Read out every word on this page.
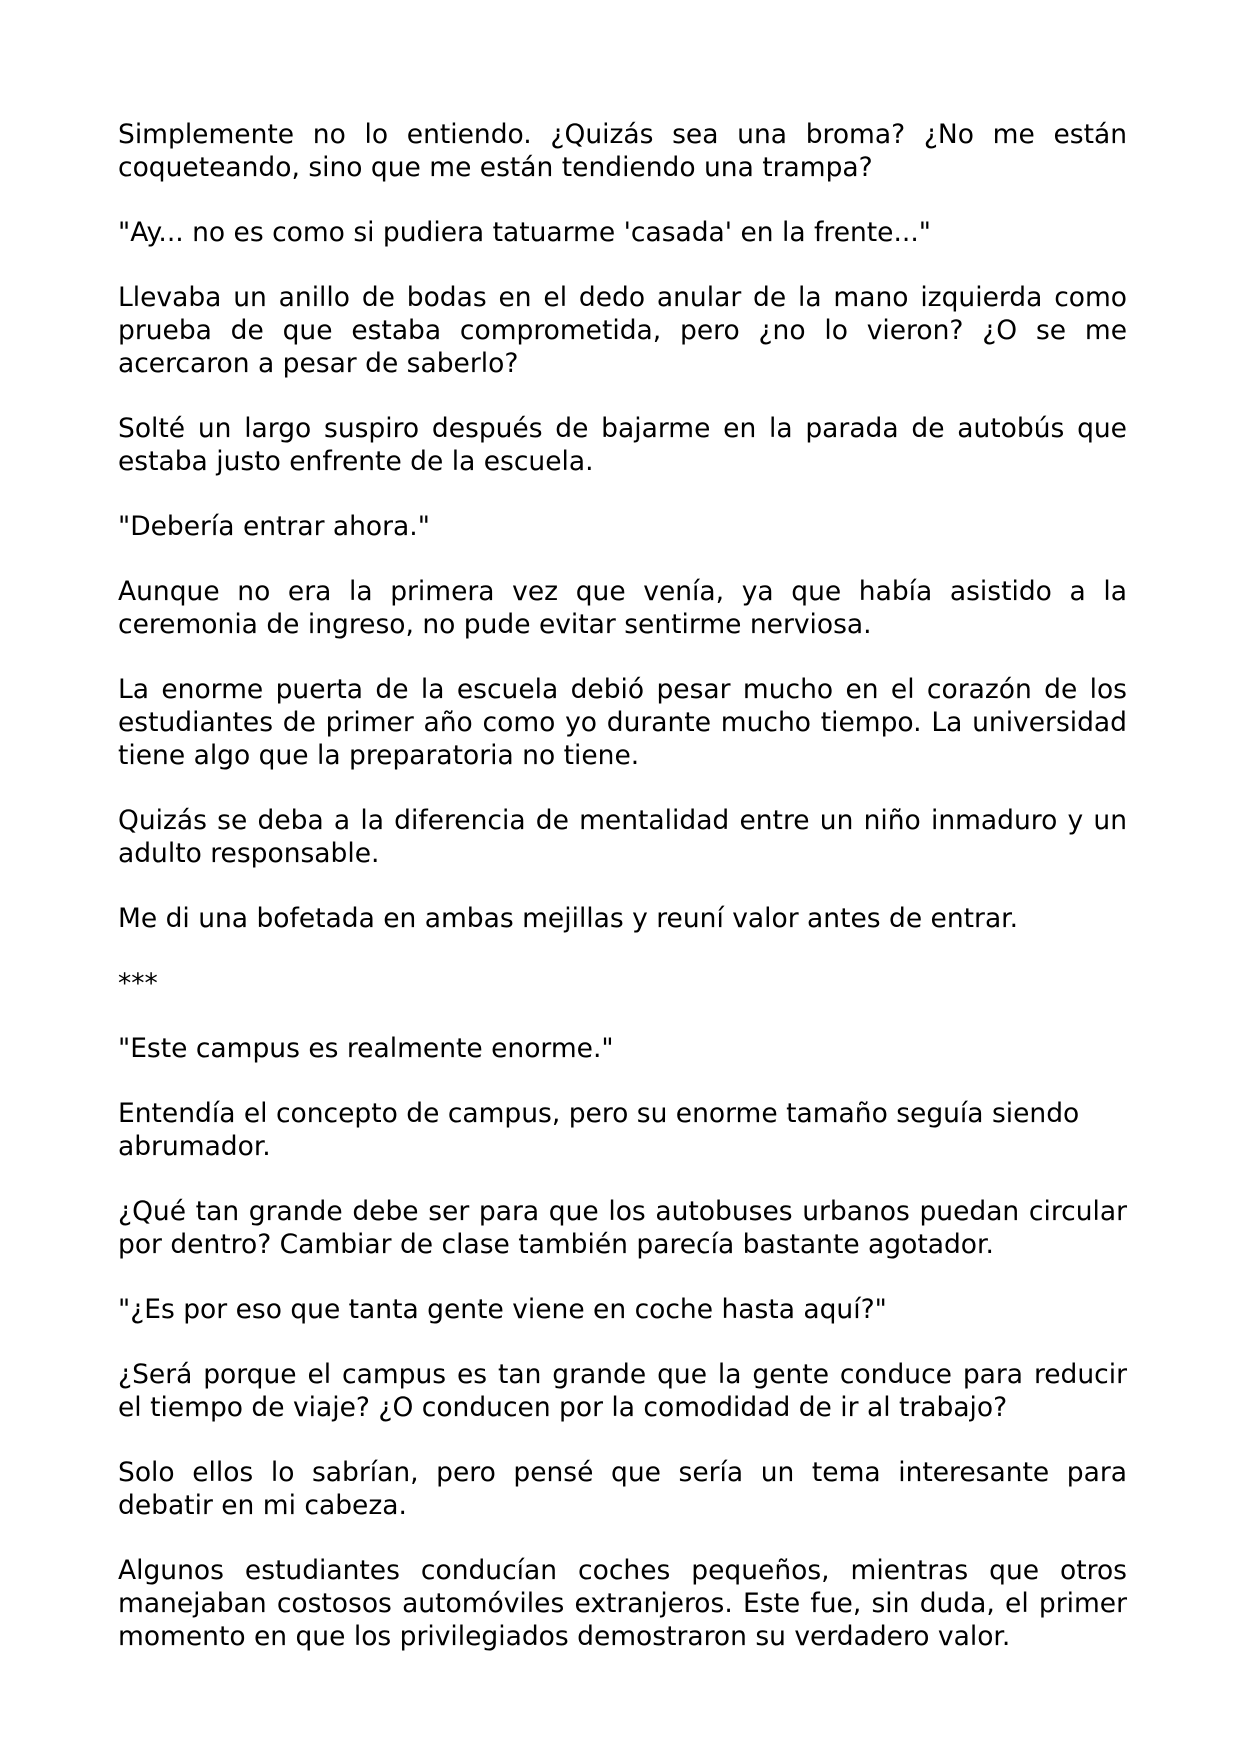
Simplemente no lo entiendo. ¿Quizás sea una broma? ¿No me están coqueteando, sino que me están tendiendo una trampa?

"Ay... no es como si pudiera tatuarme 'casada' en la frente..."

Llevaba un anillo de bodas en el dedo anular de la mano izquierda como prueba de que estaba comprometida, pero ¿no lo vieron? ¿O se me acercaron a pesar de saberlo?

Solté un largo suspiro después de bajarme en la parada de autobús que estaba justo enfrente de la escuela.

"Debería entrar ahora."

Aunque no era la primera vez que venía, ya que había asistido a la ceremonia de ingreso, no pude evitar sentirme nerviosa.

La enorme puerta de la escuela debió pesar mucho en el corazón de los estudiantes de primer año como yo durante mucho tiempo. La universidad tiene algo que la preparatoria no tiene.

Quizás se deba a la diferencia de mentalidad entre un niño inmaduro y un adulto responsable.

Me di una bofetada en ambas mejillas y reuní valor antes de entrar.

***

"Este campus es realmente enorme."

Entendía el concepto de campus, pero su enorme tamaño seguía siendo abrumador.

¿Qué tan grande debe ser para que los autobuses urbanos puedan circular por dentro? Cambiar de clase también parecía bastante agotador.

"¿Es por eso que tanta gente viene en coche hasta aquí?"

¿Será porque el campus es tan grande que la gente conduce para reducir el tiempo de viaje? ¿O conducen por la comodidad de ir al trabajo?

Solo ellos lo sabrían, pero pensé que sería un tema interesante para debatir en mi cabeza.

Algunos estudiantes conducían coches pequeños, mientras que otros manejaban costosos automóviles extranjeros. Este fue, sin duda, el primer momento en que los privilegiados demostraron su verdadero valor.
